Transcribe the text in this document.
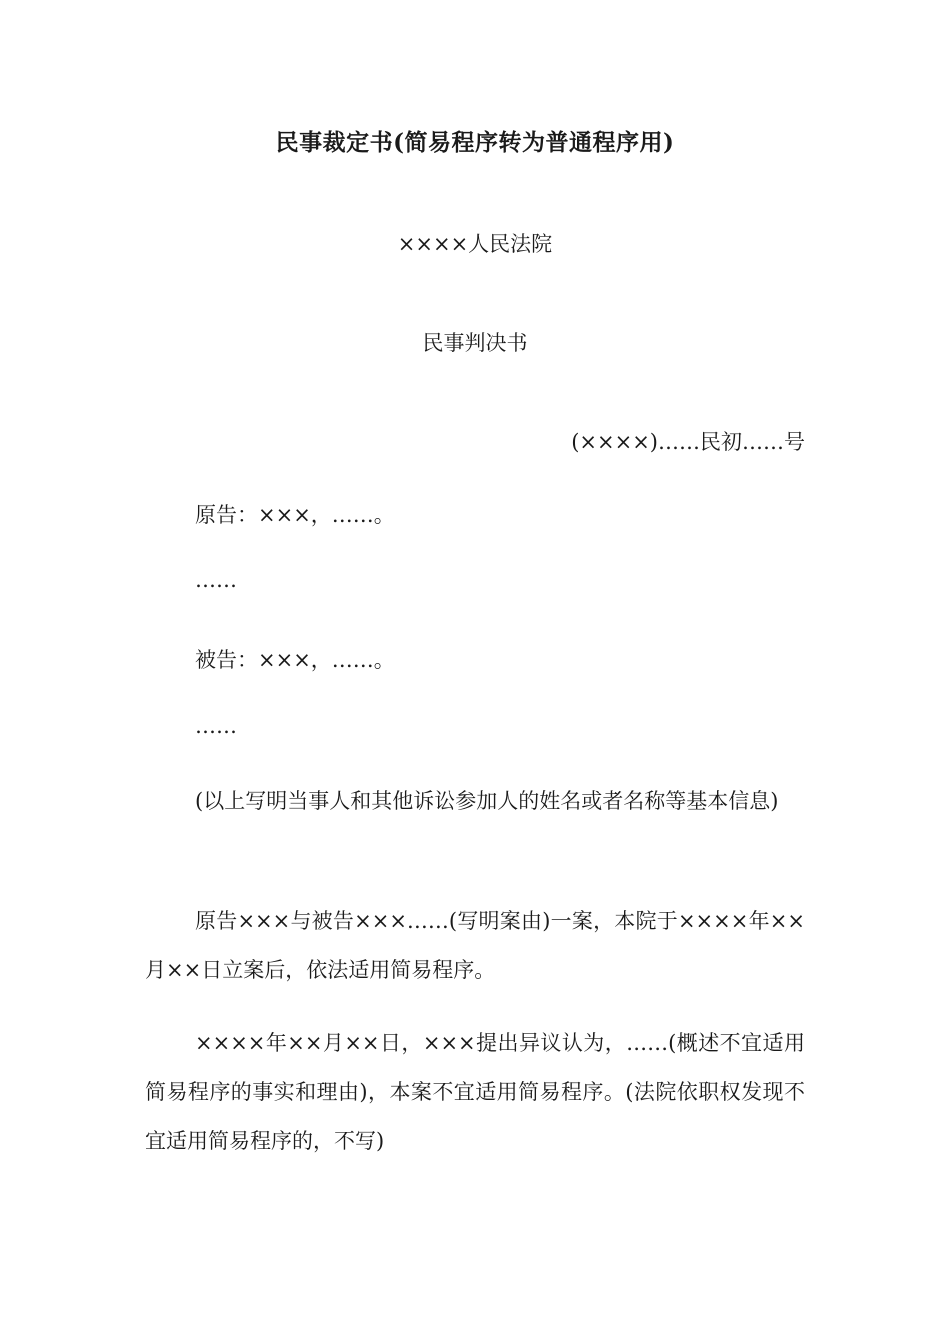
民事裁定书(简易程序转为普通程序用)
××××人民法院
民事判决书
(××××)……民初……号
原告：×××，……。
……
被告：×××，……。
……
(以上写明当事人和其他诉讼参加人的姓名或者名称等基本信息)
原告×××与被告×××……(写明案由)一案，本院于××××年××月××日立案后，依法适用简易程序。
××××年××月××日，×××提出异议认为，……(概述不宜适用简易程序的事实和理由)，本案不宜适用简易程序。(法院依职权发现不宜适用简易程序的，不写)
